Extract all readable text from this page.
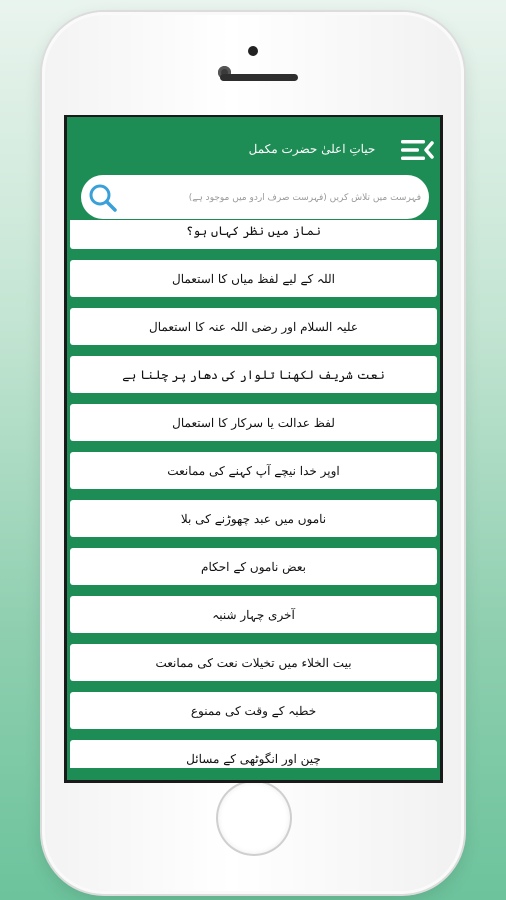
حیاتِ اعلیٰ حضرت مکمل
فہرست میں تلاش کریں (فہرست صرف اردو میں موجود ہے)
نماز میں نظر کہاں ہو؟
اللہ کے لیے لفظ میاں کا استعمال
علیہ السلام اور رضی اللہ عنہ کا استعمال
نعت شریف لکھنا تلوار کی دھار پر چلنا ہے
لفظ عدالت یا سرکار کا استعمال
اوپر خدا نیچے آپ کہنے کی ممانعت
ناموں میں عبد چھوڑنے کی بلا
بعض ناموں کے احکام
آخری چہار شنبہ
بیت الخلاء میں تخیلات نعت کی ممانعت
خطبہ کے وقت کی ممنوع
چین اور انگوٹھی کے مسائل
